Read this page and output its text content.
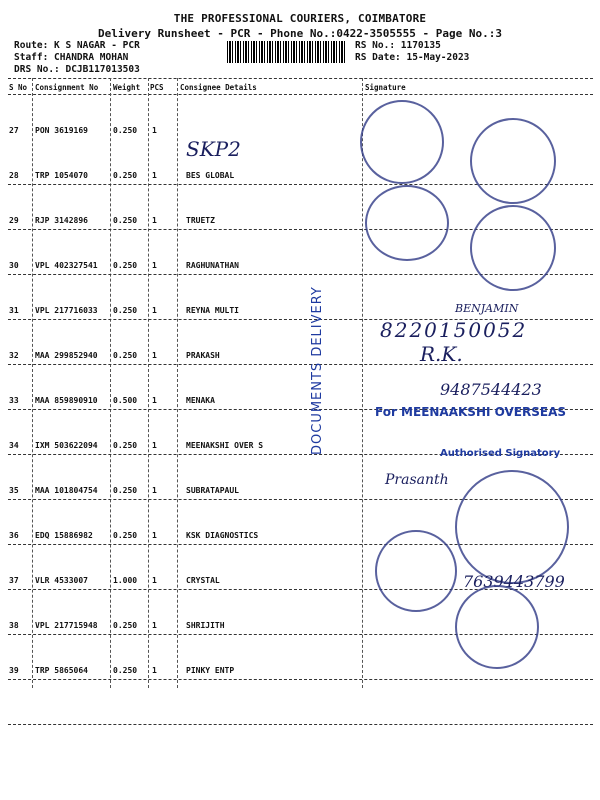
THE PROFESSIONAL COURIERS, COIMBATORE
Delivery Runsheet - PCR - Phone No.:0422-3505555 - Page No.:3
Route: K S NAGAR - PCR
Staff: CHANDRA MOHAN
DRS No.: DCJB117013503
RS No.: 1170135
RS Date: 15-May-2023
S No Consignment No Weight PCS Consignee Details	Signature
27 PON 3619169	0.250 1
28 TRP 1054070	0.250 1	BES GLOBAL
29 RJP 3142896	0.250 1	TRUETZ
30 VPL 402327541 0.250 1	RAGHUNATHAN
31 VPL 217716033 0.250 1	REYNA MULTI
32 MAA 299852940 0.250 1	PRAKASH
33 MAA 859890910 0.500 1	MENAKA
34 IXM 503622094 0.250 1	MEENAKSHI OVER S
35 MAA 101804754 0.250 1	SUBRATAPAUL
36 EDQ 15886982	0.250 1	KSK DIAGNOSTICS
37 VLR 4533007	1.000 1	CRYSTAL
38 VPL 217715948 0.250 1	SHRIJITH
39 TRP 5865064	0.250 1	PINKY ENTP
SKP2
DOCUMENTS DELIVERY	BENJAMIN
8220150052
R.K.
9487544423
For MEENAAKSHI OVERSEAS
Authorised Signatory
Prasanth
7639443799
